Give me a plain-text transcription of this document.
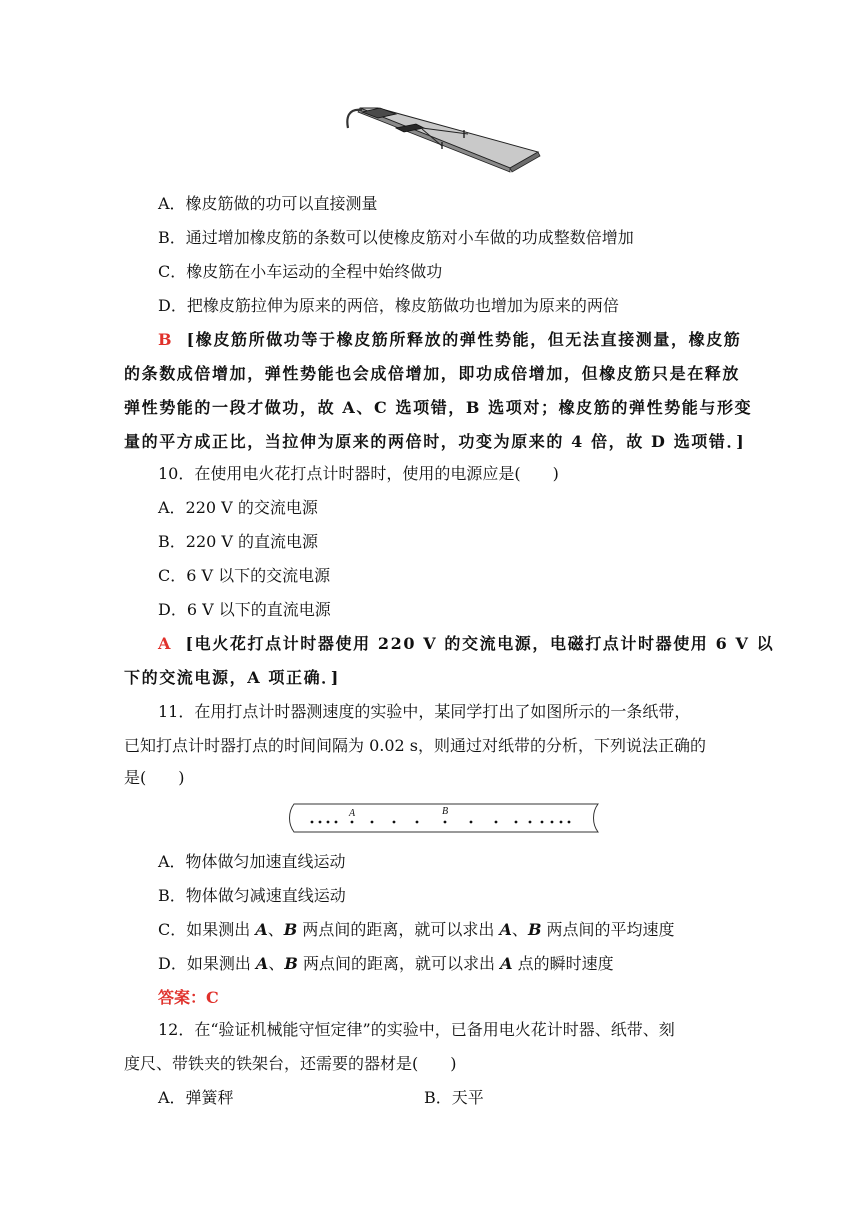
A．橡皮筋做的功可以直接测量
B．通过增加橡皮筋的条数可以使橡皮筋对小车做的功成整数倍增加
C．橡皮筋在小车运动的全程中始终做功
D．把橡皮筋拉伸为原来的两倍，橡皮筋做功也增加为原来的两倍
B [橡皮筋所做功等于橡皮筋所释放的弹性势能，但无法直接测量，橡皮筋
的条数成倍增加，弹性势能也会成倍增加，即功成倍增加，但橡皮筋只是在释放
弹性势能的一段才做功，故 A、C 选项错，B 选项对；橡皮筋的弹性势能与形变
量的平方成正比，当拉伸为原来的两倍时，功变为原来的 4 倍，故 D 选项错．]
10．在使用电火花打点计时器时，使用的电源应是(　　)
A．220 V 的交流电源
B．220 V 的直流电源
C．6 V 以下的交流电源
D．6 V 以下的直流电源
A [电火花打点计时器使用 220 V 的交流电源，电磁打点计时器使用 6 V 以
下的交流电源，A 项正确．]
11．在用打点计时器测速度的实验中，某同学打出了如图所示的一条纸带，
已知打点计时器打点的时间间隔为 0.02 s，则通过对纸带的分析，下列说法正确的
是(　　)
A	B
A．物体做匀加速直线运动
B．物体做匀减速直线运动
C．如果测出 A、B 两点间的距离，就可以求出 A、B 两点间的平均速度
D．如果测出 A、B 两点间的距离，就可以求出 A 点的瞬时速度
答案：C
12．在“验证机械能守恒定律”的实验中，已备用电火花计时器、纸带、刻
度尺、带铁夹的铁架台，还需要的器材是(　　)
A．弹簧秤	B．天平
